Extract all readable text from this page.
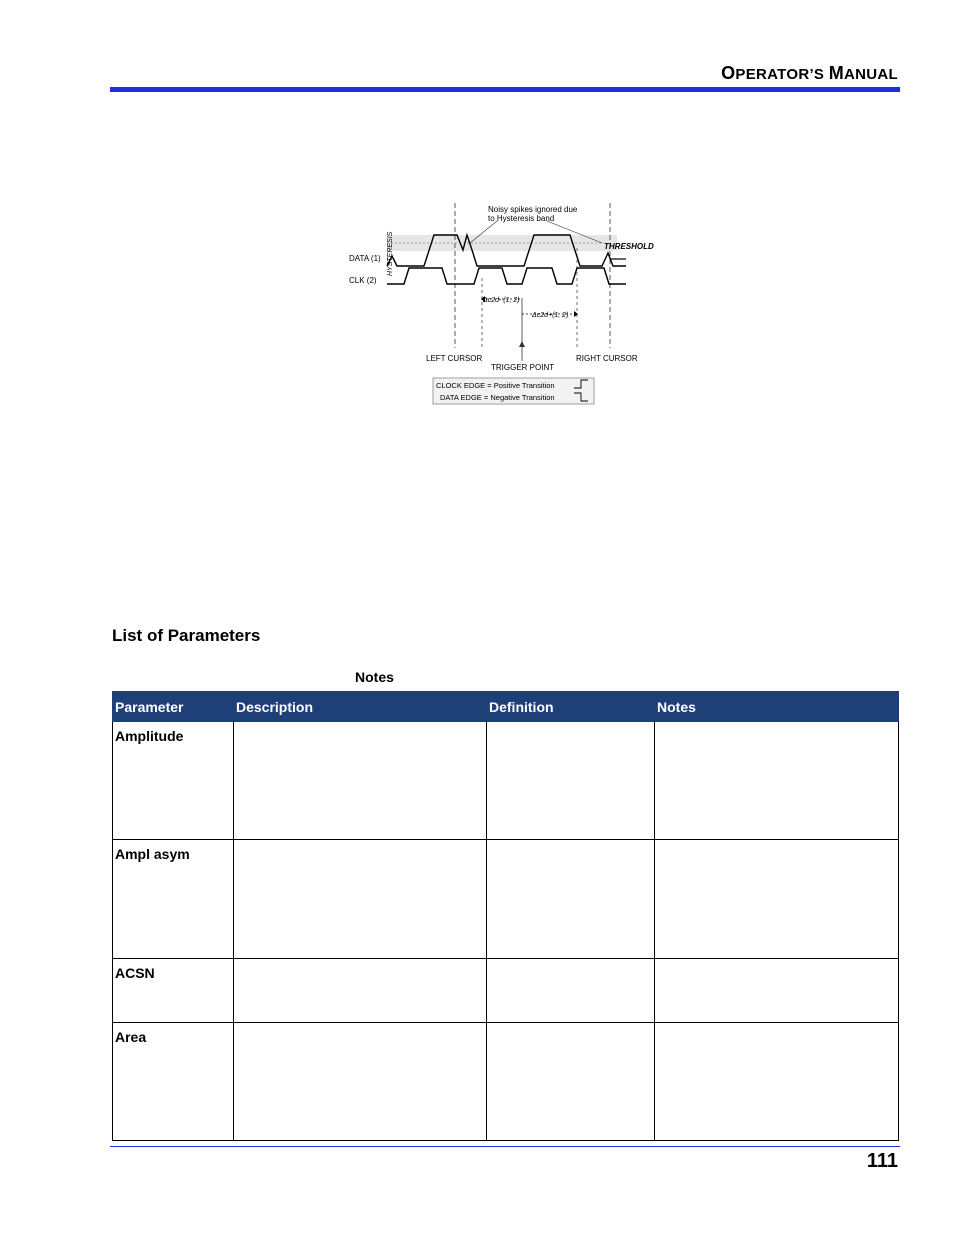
OPERATOR’S MANUAL
Noisy spikes ignored due
to Hysteresis band
HYSTERESIS	THRESHOLD
DATA (1)
CLK (2)
Δc2d- (1, 2)
Δc2d+(1, 2)
LEFT CURSOR
TRIGGER POINT
RIGHT CURSOR
CLOCK EDGE = Positive Transition
DATA EDGE = Negative Transition
List of Parameters
Notes
Parameter	Description	Definition	Notes
Amplitude			
Ampl asym			
ACSN			
Area			
111
